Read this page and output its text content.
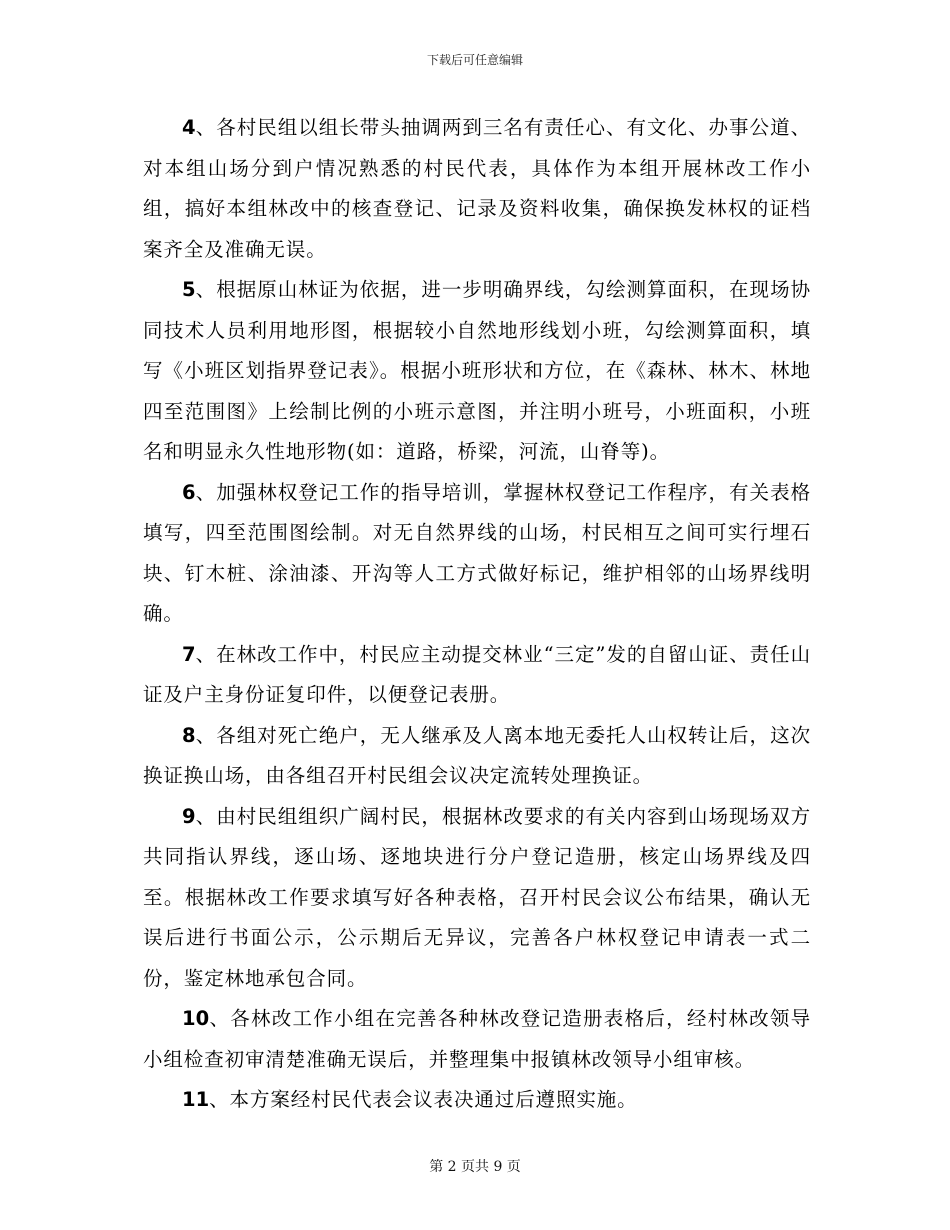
下载后可任意编辑

4、各村民组以组长带头抽调两到三名有责任心、有文化、办事公道、对本组山场分到户情况熟悉的村民代表，具体作为本组开展林改工作小组，搞好本组林改中的核查登记、记录及资料收集，确保换发林权的证档案齐全及准确无误。

5、根据原山林证为依据，进一步明确界线，勾绘测算面积，在现场协同技术人员利用地形图，根据较小自然地形线划小班，勾绘测算面积，填写《小班区划指界登记表》。根据小班形状和方位，在《森林、林木、林地四至范围图》上绘制比例的小班示意图，并注明小班号，小班面积，小班名和明显永久性地形物(如：道路，桥梁，河流，山脊等)。

6、加强林权登记工作的指导培训，掌握林权登记工作程序，有关表格填写，四至范围图绘制。对无自然界线的山场，村民相互之间可实行埋石块、钉木桩、涂油漆、开沟等人工方式做好标记，维护相邻的山场界线明确。

7、在林改工作中，村民应主动提交林业“三定”发的自留山证、责任山证及户主身份证复印件，以便登记表册。

8、各组对死亡绝户，无人继承及人离本地无委托人山权转让后，这次换证换山场，由各组召开村民组会议决定流转处理换证。

9、由村民组组织广阔村民，根据林改要求的有关内容到山场现场双方共同指认界线，逐山场、逐地块进行分户登记造册，核定山场界线及四至。根据林改工作要求填写好各种表格，召开村民会议公布结果，确认无误后进行书面公示，公示期后无异议，完善各户林权登记申请表一式二份，鉴定林地承包合同。

10、各林改工作小组在完善各种林改登记造册表格后，经村林改领导小组检查初审清楚准确无误后，并整理集中报镇林改领导小组审核。

11、本方案经村民代表会议表决通过后遵照实施。

第 2 页共 9 页
